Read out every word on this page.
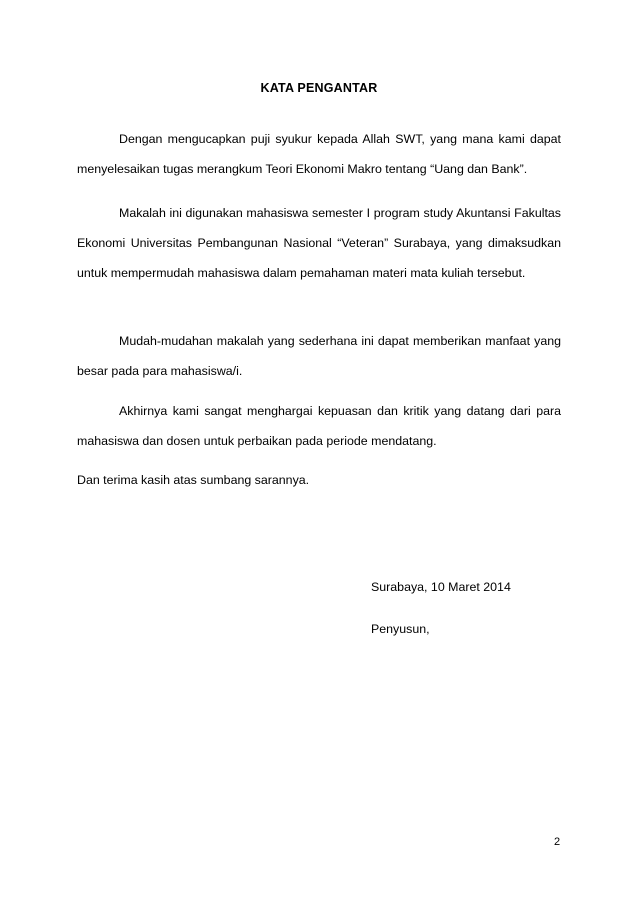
KATA PENGANTAR
Dengan mengucapkan puji syukur kepada Allah SWT, yang mana kami dapat menyelesaikan tugas merangkum Teori Ekonomi Makro tentang “Uang dan Bank”.
Makalah ini digunakan mahasiswa semester I program study Akuntansi Fakultas Ekonomi Universitas Pembangunan Nasional “Veteran” Surabaya, yang dimaksudkan untuk mempermudah mahasiswa dalam pemahaman materi mata kuliah tersebut.
Mudah-mudahan makalah yang sederhana ini dapat memberikan manfaat yang besar pada para mahasiswa/i.
Akhirnya kami sangat menghargai kepuasan dan kritik yang datang dari para mahasiswa dan dosen untuk perbaikan pada periode mendatang.
Dan terima kasih atas sumbang sarannya.
Surabaya, 10 Maret 2014
Penyusun,
2
